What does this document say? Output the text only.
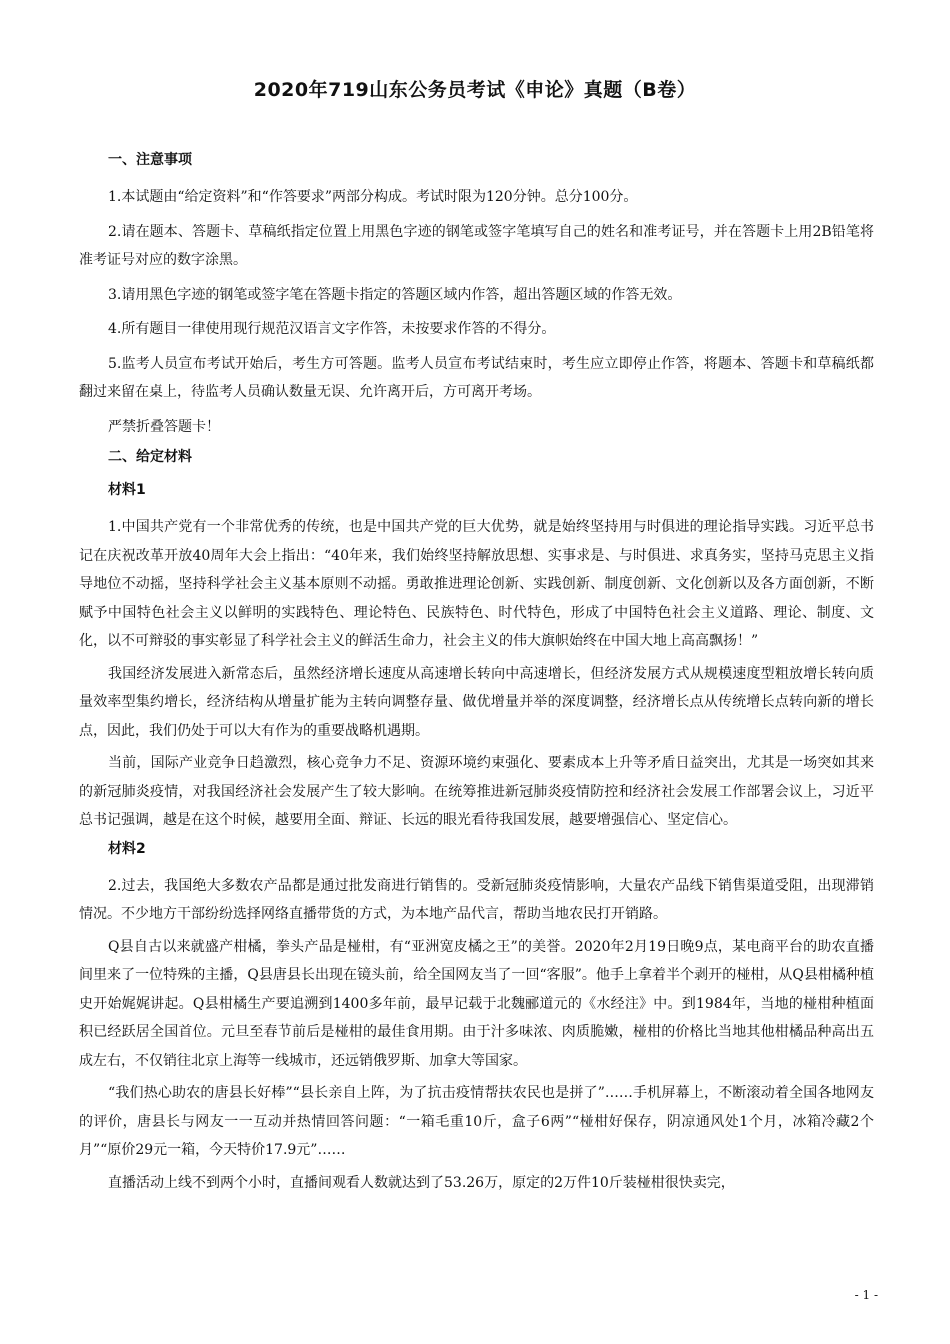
2020年719山东公务员考试《申论》真题（B卷）
一、注意事项

1.本试题由“给定资料”和“作答要求”两部分构成。考试时限为120分钟。总分100分。

2.请在题本、答题卡、草稿纸指定位置上用黑色字迹的钢笔或签字笔填写自己的姓名和准考证号，并在答题卡上用2B铅笔将准考证号对应的数字涂黑。

3.请用黑色字迹的钢笔或签字笔在答题卡指定的答题区域内作答，超出答题区域的作答无效。

4.所有题目一律使用现行规范汉语言文字作答，未按要求作答的不得分。

5.监考人员宣布考试开始后，考生方可答题。监考人员宣布考试结束时，考生应立即停止作答，将题本、答题卡和草稿纸都翻过来留在桌上，待监考人员确认数量无误、允许离开后，方可离开考场。

严禁折叠答题卡！

二、给定材料
材料1

1.中国共产党有一个非常优秀的传统，也是中国共产党的巨大优势，就是始终坚持用与时俱进的理论指导实践。习近平总书记在庆祝改革开放40周年大会上指出：“40年来，我们始终坚持解放思想、实事求是、与时俱进、求真务实，坚持马克思主义指导地位不动摇，坚持科学社会主义基本原则不动摇。勇敢推进理论创新、实践创新、制度创新、文化创新以及各方面创新，不断赋予中国特色社会主义以鲜明的实践特色、理论特色、民族特色、时代特色，形成了中国特色社会主义道路、理论、制度、文化，以不可辩驳的事实彰显了科学社会主义的鲜活生命力，社会主义的伟大旗帜始终在中国大地上高高飘扬！”

我国经济发展进入新常态后，虽然经济增长速度从高速增长转向中高速增长，但经济发展方式从规模速度型粗放增长转向质量效率型集约增长，经济结构从增量扩能为主转向调整存量、做优增量并举的深度调整，经济增长点从传统增长点转向新的增长点，因此，我们仍处于可以大有作为的重要战略机遇期。

当前，国际产业竞争日趋激烈，核心竞争力不足、资源环境约束强化、要素成本上升等矛盾日益突出，尤其是一场突如其来的新冠肺炎疫情，对我国经济社会发展产生了较大影响。在统筹推进新冠肺炎疫情防控和经济社会发展工作部署会议上，习近平总书记强调，越是在这个时候，越要用全面、辩证、长远的眼光看待我国发展，越要增强信心、坚定信心。

材料2

2.过去，我国绝大多数农产品都是通过批发商进行销售的。受新冠肺炎疫情影响，大量农产品线下销售渠道受阻，出现滞销情况。不少地方干部纷纷选择网络直播带货的方式，为本地产品代言，帮助当地农民打开销路。

Q县自古以来就盛产柑橘，拳头产品是椪柑，有“亚洲宽皮橘之王”的美誉。2020年2月19日晚9点，某电商平台的助农直播间里来了一位特殊的主播，Q县唐县长出现在镜头前，给全国网友当了一回“客服”。他手上拿着半个剥开的椪柑，从Q县柑橘种植史开始娓娓讲起。Q县柑橘生产要追溯到1400多年前，最早记载于北魏郦道元的《水经注》中。到1984年，当地的椪柑种植面积已经跃居全国首位。元旦至春节前后是椪柑的最佳食用期。由于汁多味浓、肉质脆嫩，椪柑的价格比当地其他柑橘品种高出五成左右，不仅销往北京上海等一线城市，还远销俄罗斯、加拿大等国家。

“我们热心助农的唐县长好棒”“县长亲自上阵，为了抗击疫情帮扶农民也是拼了”……手机屏幕上，不断滚动着全国各地网友的评价，唐县长与网友一一互动并热情回答问题：“一箱毛重10斤，盒子6两”“椪柑好保存，阴凉通风处1个月，冰箱冷藏2个月”“原价29元一箱，今天特价17.9元”……

直播活动上线不到两个小时，直播间观看人数就达到了53.26万，原定的2万件10斤装椪柑很快卖完，

- 1 -
